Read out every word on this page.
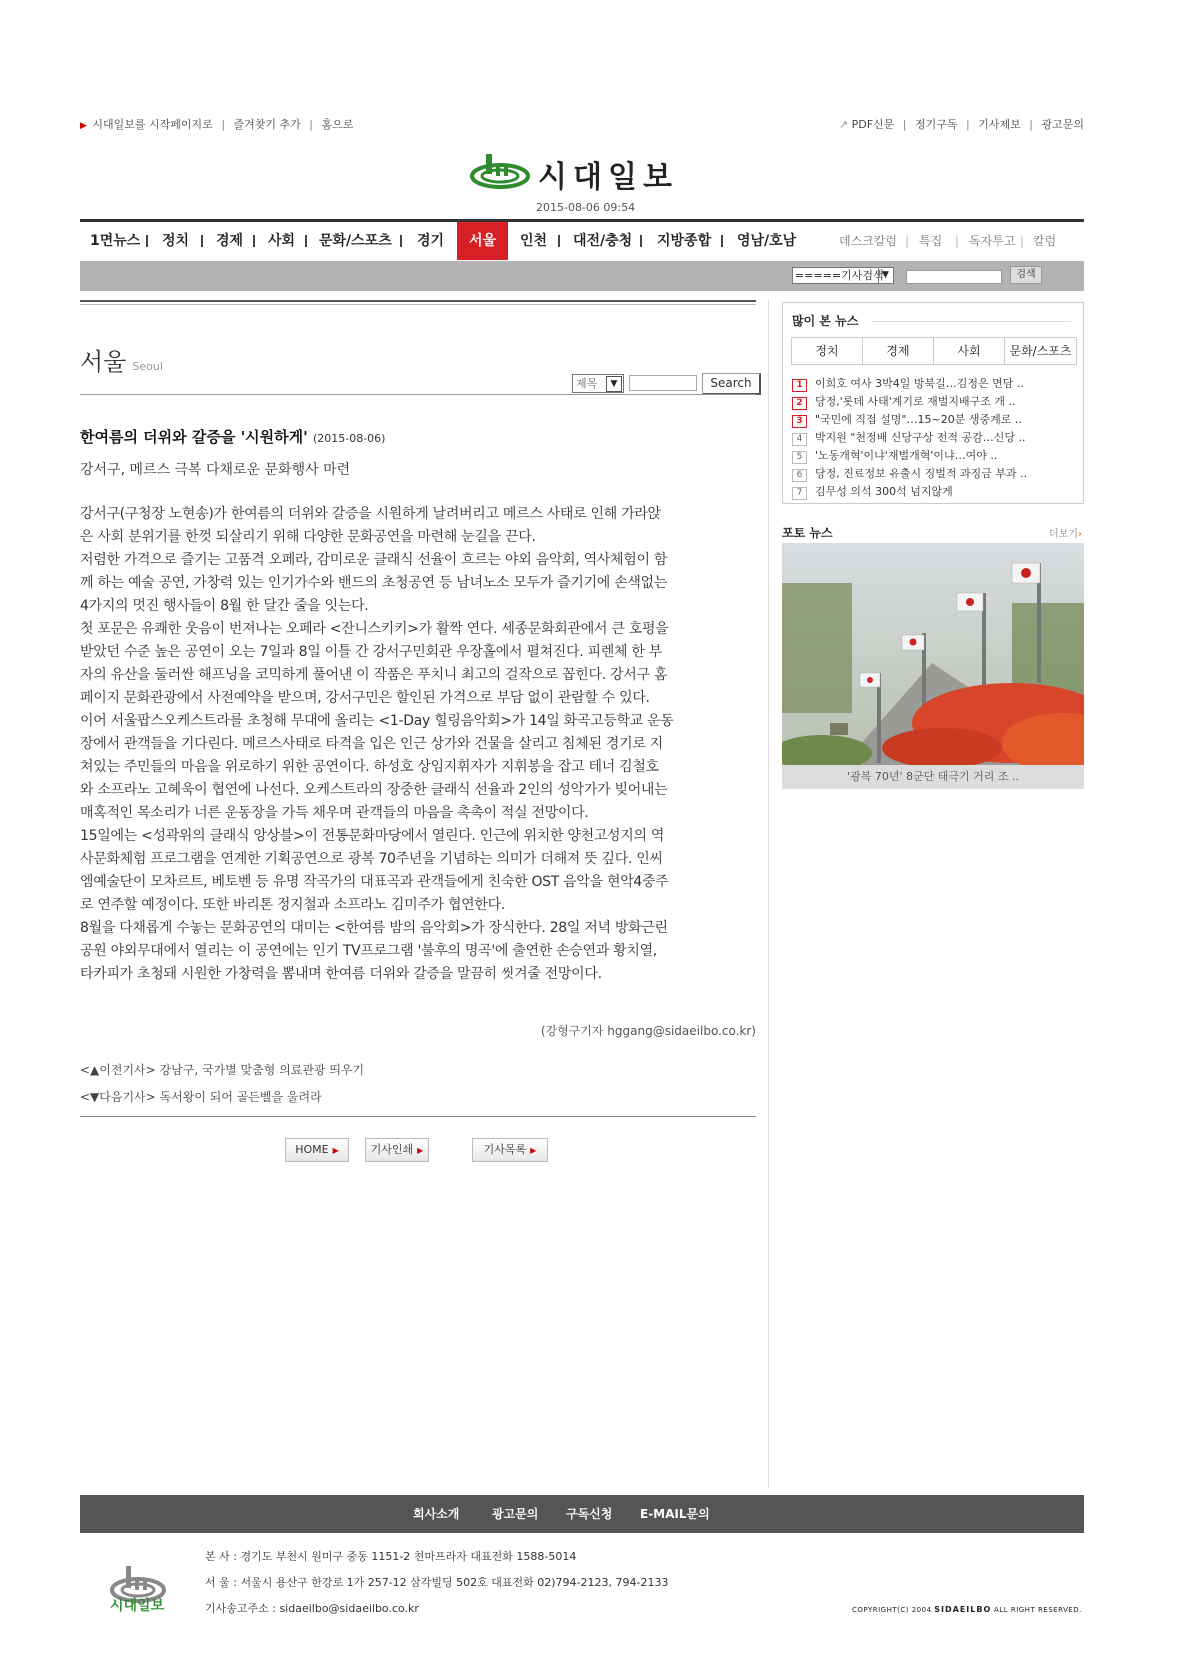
▶ 시대일보를 시작페이지로 | 즐겨찾기 추가 | 홈으로	↗ PDF신문 | 정기구독 | 기사제보 | 광고문의
시대일보
2015-08-06 09:54
1면뉴스 정치 경제 사회 문화/스포츠 경기	서울	인천 대전/충청 지방종합 영남/호남	데스크칼럼 | 특집 | 독자투고 | 칼럼
=====기사검색
▼	검색
서울 Seoul
제목	▼	Search
한여름의 더위와 갈증을 '시원하게' (2015-08-06)
강서구, 메르스 극복 다채로운 문화행사 마련

강서구(구청장 노현송)가 한여름의 더위와 갈증을 시원하게 날려버리고 메르스 사태로 인해 가라앉

은 사회 분위기를 한껏 되살리기 위해 다양한 문화공연을 마련해 눈길을 끈다.

저렴한 가격으로 즐기는 고품격 오페라, 감미로운 클래식 선율이 흐르는 야외 음악회, 역사체험이 함

께 하는 예술 공연, 가창력 있는 인기가수와 밴드의 초청공연 등 남녀노소 모두가 즐기기에 손색없는

4가지의 멋진 행사들이 8월 한 달간 줄을 잇는다.

첫 포문은 유쾌한 웃음이 번져나는 오페라 <잔니스키키>가 활짝 연다. 세종문화회관에서 큰 호평을

받았던 수준 높은 공연이 오는 7일과 8일 이틀 간 강서구민회관 우장홀에서 펼쳐진다. 피렌체 한 부

자의 유산을 둘러싼 해프닝을 코믹하게 풀어낸 이 작품은 푸치니 최고의 걸작으로 꼽힌다. 강서구 홈

페이지 문화관광에서 사전예약을 받으며, 강서구민은 할인된 가격으로 부담 없이 관람할 수 있다.

이어 서울팝스오케스트라를 초청해 무대에 올리는 <1-Day 힐링음악회>가 14일 화곡고등학교 운동

장에서 관객들을 기다린다. 메르스사태로 타격을 입은 인근 상가와 건물을 살리고 침체된 경기로 지

쳐있는 주민들의 마음을 위로하기 위한 공연이다. 하성호 상임지휘자가 지휘봉을 잡고 테너 김철호

와 소프라노 고혜욱이 협연에 나선다. 오케스트라의 장중한 클래식 선율과 2인의 성악가가 빚어내는

매혹적인 목소리가 너른 운동장을 가득 채우며 관객들의 마음을 촉촉이 적실 전망이다.

15일에는 <성곽위의 클래식 앙상블>이 전통문화마당에서 열린다. 인근에 위치한 양천고성지의 역

사문화체험 프로그램을 연계한 기획공연으로 광복 70주년을 기념하는 의미가 더해져 뜻 깊다. 인씨

엠예술단이 모차르트, 베토벤 등 유명 작곡가의 대표곡과 관객들에게 친숙한 OST 음악을 현악4중주

로 연주할 예정이다. 또한 바리톤 정지철과 소프라노 김미주가 협연한다.

8월을 다채롭게 수놓는 문화공연의 대미는 <한여름 밤의 음악회>가 장식한다. 28일 저녁 방화근린

공원 야외무대에서 열리는 이 공연에는 인기 TV프로그램 '불후의 명곡'에 출연한 손승연과 황치열,

타카피가 초청돼 시원한 가창력을 뽐내며 한여름 더위와 갈증을 말끔히 씻겨줄 전망이다.

(강형구기자 hggang@sidaeilbo.co.kr)
<▲이전기사> 강남구, 국가별 맞춤형 의료관광 띄우기
<▼다음기사> 독서왕이 되어 골든벨을 울려라
HOME ▶	기사인쇄 ▶	기사목록 ▶
많이 본 뉴스
정치	경제	사회	문화/스포츠
1 이희호 여사 3박4일 방북길…김정은 면담 ..
2 당정,'롯데 사태'계기로 재벌지배구조 개 ..
3 "국민에 직접 설명"…15~20분 생중계로 ..
4 박지원 "천정배 신당구상 전적 공감…신당 ..
5 '노동개혁'이냐'재벌개혁'이냐…여야 ..
6 당정, 진료정보 유출시 징벌적 과징금 부과 ..
7 김무성 의석 300석 넘지않게
포토 뉴스	더보기›
'광복 70년' 8군단 태극기 거리 조 ..
회사소개	광고문의 구독신청 E-MAIL문의
시대일보
본 사 : 경기도 부천시 원미구 중동 1151-2 쳔마프라자 대표전화 1588-5014
서 울 : 서울시 용산구 한강로 1가 257-12 삼각빌딩 502호 대표전화 02)794-2123, 794-2133
기사송고주소 : sidaeilbo@sidaeilbo.co.kr	COPYRIGHT(C) 2004 SIDAEILBO ALL RIGHT RESERVED.
